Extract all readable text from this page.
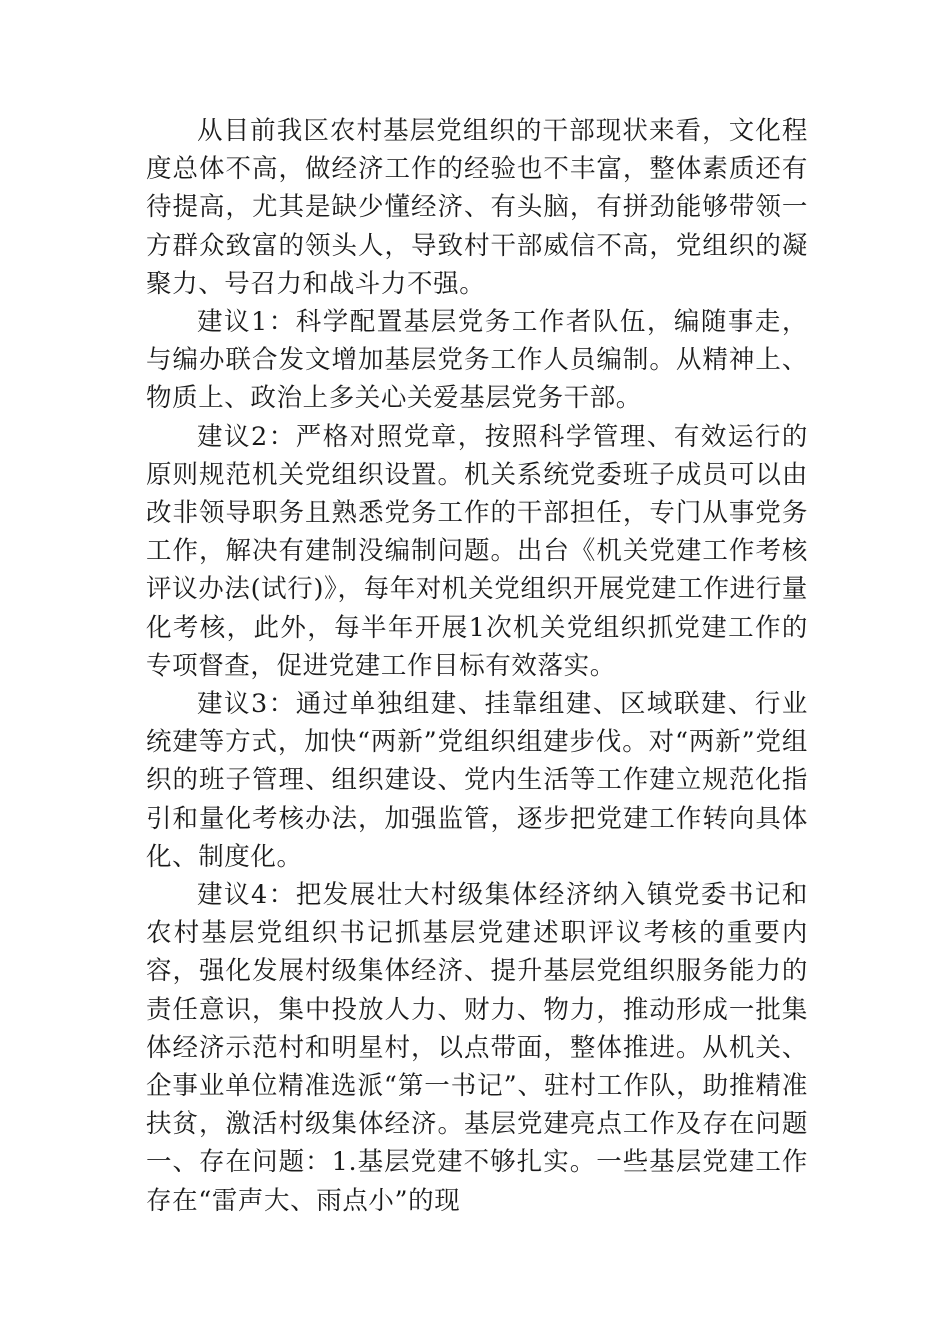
从目前我区农村基层党组织的干部现状来看，文化程度总体不高，做经济工作的经验也不丰富，整体素质还有待提高，尤其是缺少懂经济、有头脑，有拼劲能够带领一方群众致富的领头人，导致村干部威信不高，党组织的凝聚力、号召力和战斗力不强。

建议1：科学配置基层党务工作者队伍，编随事走，与编办联合发文增加基层党务工作人员编制。从精神上、物质上、政治上多关心关爱基层党务干部。

建议2：严格对照党章，按照科学管理、有效运行的原则规范机关党组织设置。机关系统党委班子成员可以由改非领导职务且熟悉党务工作的干部担任，专门从事党务工作，解决有建制没编制问题。出台《机关党建工作考核评议办法(试行)》，每年对机关党组织开展党建工作进行量化考核，此外，每半年开展1次机关党组织抓党建工作的专项督查，促进党建工作目标有效落实。

建议3：通过单独组建、挂靠组建、区域联建、行业统建等方式，加快“两新”党组织组建步伐。对“两新”党组织的班子管理、组织建设、党内生活等工作建立规范化指引和量化考核办法，加强监管，逐步把党建工作转向具体化、制度化。

建议4：把发展壮大村级集体经济纳入镇党委书记和农村基层党组织书记抓基层党建述职评议考核的重要内容，强化发展村级集体经济、提升基层党组织服务能力的责任意识，集中投放人力、财力、物力，推动形成一批集体经济示范村和明星村，以点带面，整体推进。从机关、企事业单位精准选派“第一书记”、驻村工作队，助推精准扶贫，激活村级集体经济。基层党建亮点工作及存在问题一、存在问题：1.基层党建不够扎实。一些基层党建工作存在“雷声大、雨点小”的现
